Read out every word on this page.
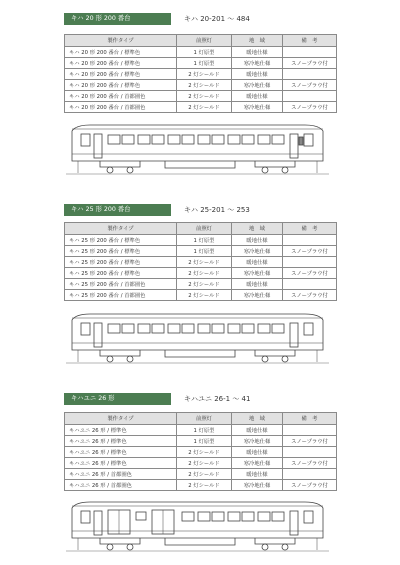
キハ 20 形 200 番台	キハ 20-201 〜 484
製作タイプ	前照灯	地　域	備　考
キハ 20 形 200 番台 / 標準色	1 灯原型	暖地仕様	
キハ 20 形 200 番台 / 標準色	1 灯原型	寒冷地仕様	スノープラウ付
キハ 20 形 200 番台 / 標準色	2 灯シールド	暖地仕様	
キハ 20 形 200 番台 / 標準色	2 灯シールド	寒冷地仕様	スノープラウ付
キハ 20 形 200 番台 / 首都圏色	2 灯シールド	暖地仕様	
キハ 20 形 200 番台 / 首都圏色	2 灯シールド	寒冷地仕様	スノープラウ付
キハ 25 形 200 番台	キハ 25-201 〜 253
製作タイプ	前照灯	地　域	備　考
キハ 25 形 200 番台 / 標準色	1 灯原型	暖地仕様	
キハ 25 形 200 番台 / 標準色	1 灯原型	寒冷地仕様	スノープラウ付
キハ 25 形 200 番台 / 標準色	2 灯シールド	暖地仕様	
キハ 25 形 200 番台 / 標準色	2 灯シールド	寒冷地仕様	スノープラウ付
キハ 25 形 200 番台 / 首都圏色	2 灯シールド	暖地仕様	
キハ 25 形 200 番台 / 首都圏色	2 灯シールド	寒冷地仕様	スノープラウ付
キハユニ 26 形	キハユニ 26-1 〜 41
製作タイプ	前照灯	地　域	備　考
キハユニ 26 形 / 標準色	1 灯原型	暖地仕様	
キハユニ 26 形 / 標準色	1 灯原型	寒冷地仕様	スノープラウ付
キハユニ 26 形 / 標準色	2 灯シールド	暖地仕様	
キハユニ 26 形 / 標準色	2 灯シールド	寒冷地仕様	スノープラウ付
キハユニ 26 形 / 首都圏色	2 灯シールド	暖地仕様	
キハユニ 26 形 / 首都圏色	2 灯シールド	寒冷地仕様	スノープラウ付
